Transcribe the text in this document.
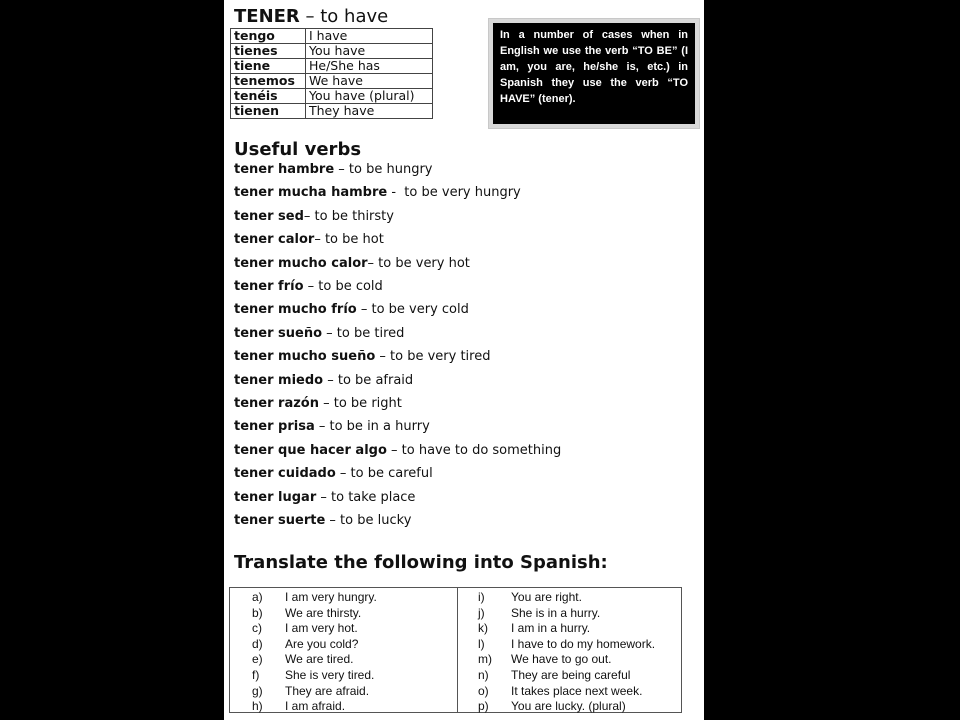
TENER – to have
tengo	I have
tienes	You have
tiene	He/She has
tenemos	We have
tenéis	You have (plural)
tienen	They have
In a number of cases when in English we use the verb “TO BE” (I am, you are, he/she is, etc.) in Spanish they use the verb “TO HAVE” (tener).
Useful verbs
tener hambre – to be hungry
tener mucha hambre -  to be very hungry
tener sed– to be thirsty
tener calor– to be hot
tener mucho calor– to be very hot
tener frío – to be cold
tener mucho frío – to be very cold
tener sueño – to be tired
tener mucho sueño – to be very tired
tener miedo – to be afraid
tener razón – to be right
tener prisa – to be in a hurry
tener que hacer algo – to have to do something
tener cuidado – to be careful
tener lugar – to take place
tener suerte – to be lucky
Translate the following into Spanish:
a) I am very hungry.
b) We are thirsty.
c) I am very hot.
d) Are you cold?
e) We are tired.
f) She is very tired.
g) They are afraid.
h) I am afraid.
i) You are right.
j) She is in a hurry.
k) I am in a hurry.
l) I have to do my homework.
m) We have to go out.
n) They are being careful
o) It takes place next week.
p) You are lucky. (plural)
